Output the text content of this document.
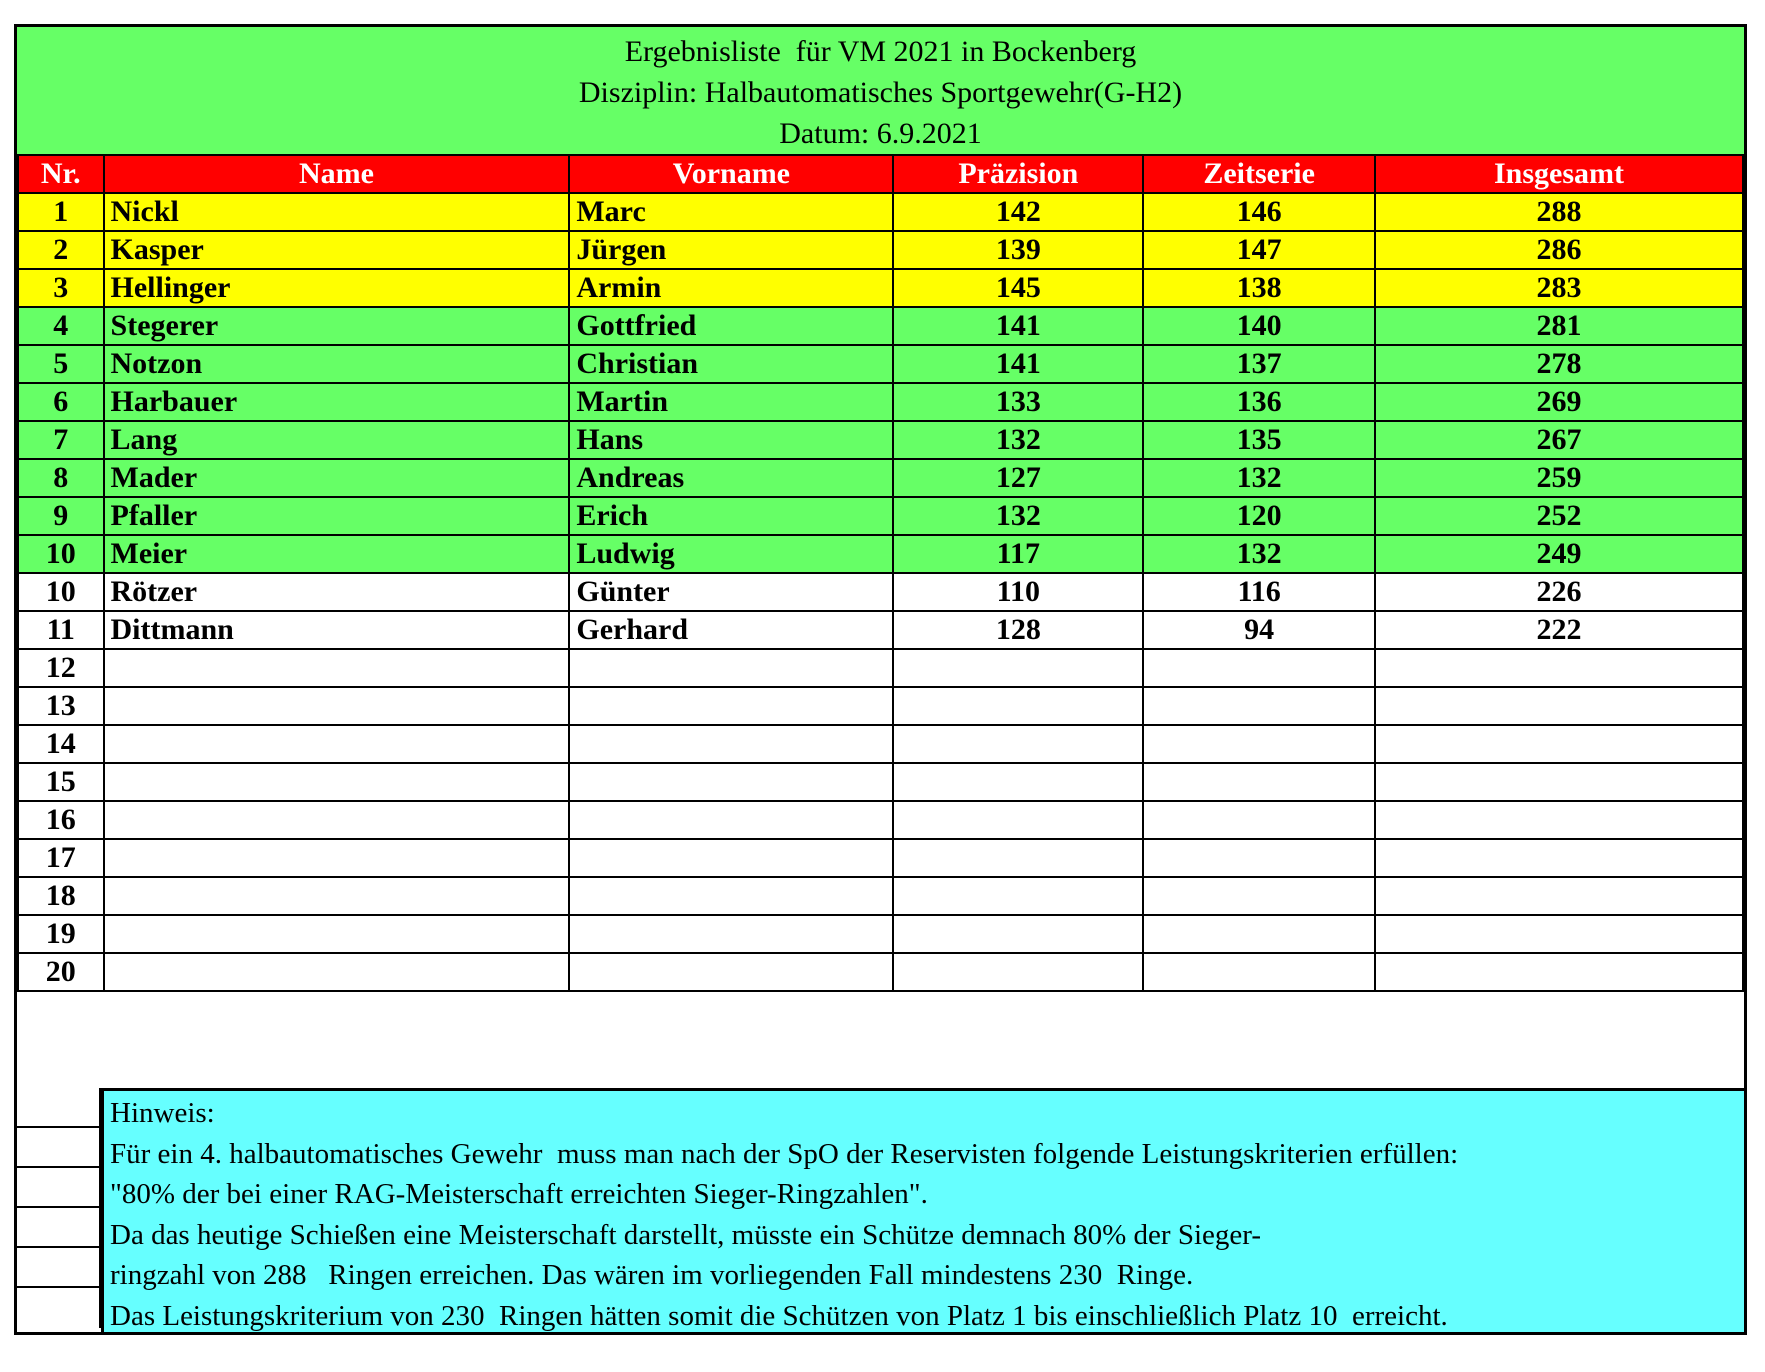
Ergebnisliste  für VM 2021 in Bockenberg
Disziplin: Halbautomatisches Sportgewehr(G-H2)
Datum: 6.9.2021
Nr.	Name	Vorname	Präzision	Zeitserie	Insgesamt
1	Nickl	Marc	142	146	288
2	Kasper	Jürgen	139	147	286
3	Hellinger	Armin	145	138	283
4	Stegerer	Gottfried	141	140	281
5	Notzon	Christian	141	137	278
6	Harbauer	Martin	133	136	269
7	Lang	Hans	132	135	267
8	Mader	Andreas	127	132	259
9	Pfaller	Erich	132	120	252
10	Meier	Ludwig	117	132	249
10	Rötzer	Günter	110	116	226
11	Dittmann	Gerhard	128	94	222
12					
13					
14					
15					
16					
17					
18					
19					
20					
Hinweis:
Für ein 4. halbautomatisches Gewehr  muss man nach der SpO der Reservisten folgende Leistungskriterien erfüllen:
"80% der bei einer RAG-Meisterschaft erreichten Sieger-Ringzahlen".
Da das heutige Schießen eine Meisterschaft darstellt, müsste ein Schütze demnach 80% der Sieger-
ringzahl von 288   Ringen erreichen. Das wären im vorliegenden Fall mindestens 230  Ringe.
Das Leistungskriterium von 230  Ringen hätten somit die Schützen von Platz 1 bis einschließlich Platz 10  erreicht.
